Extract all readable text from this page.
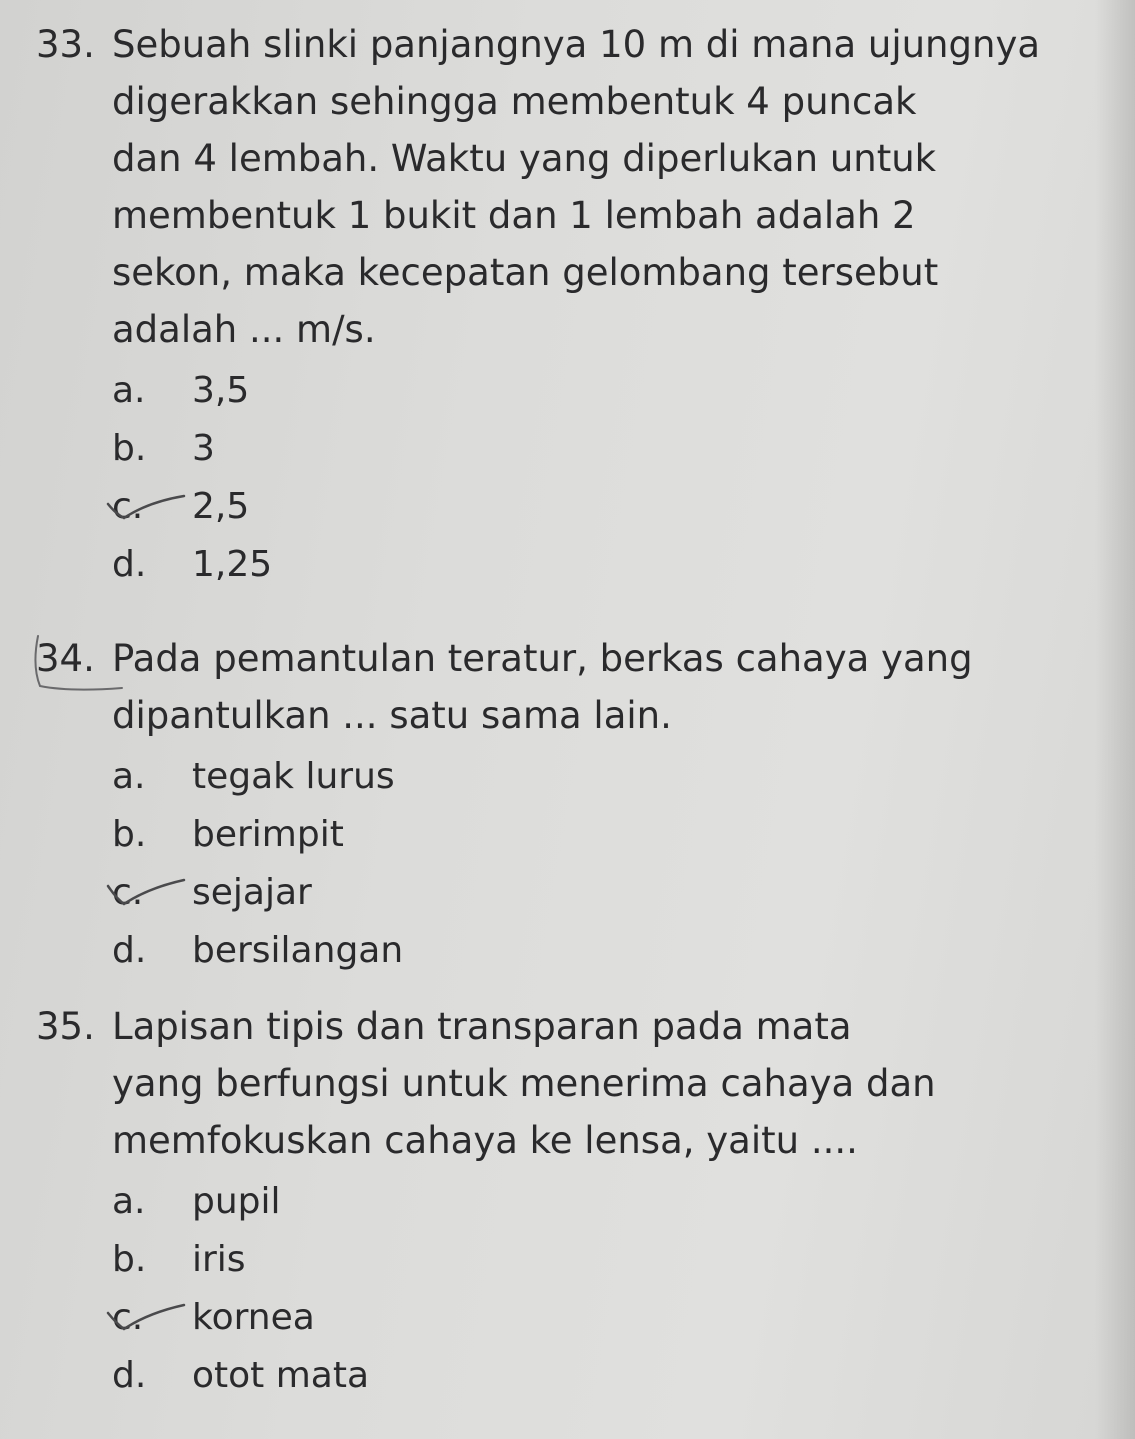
33. Sebuah slinki panjangnya 10 m di mana ujungnya
digerakkan sehingga membentuk 4 puncak
dan 4 lembah. Waktu yang diperlukan untuk
membentuk 1 bukit dan 1 lembah adalah 2
sekon, maka kecepatan gelombang tersebut
adalah ... m/s.

a. 3,5
b. 3
c. 2,5
d. 1,25

34. Pada pemantulan teratur, berkas cahaya yang
dipantulkan ... satu sama lain.

a. tegak lurus
b. berimpit
c. sejajar
d. bersilangan

35. Lapisan tipis dan transparan pada mata
yang berfungsi untuk menerima cahaya dan
memfokuskan cahaya ke lensa, yaitu ....

a. pupil
b. iris
c. kornea
d. otot mata
